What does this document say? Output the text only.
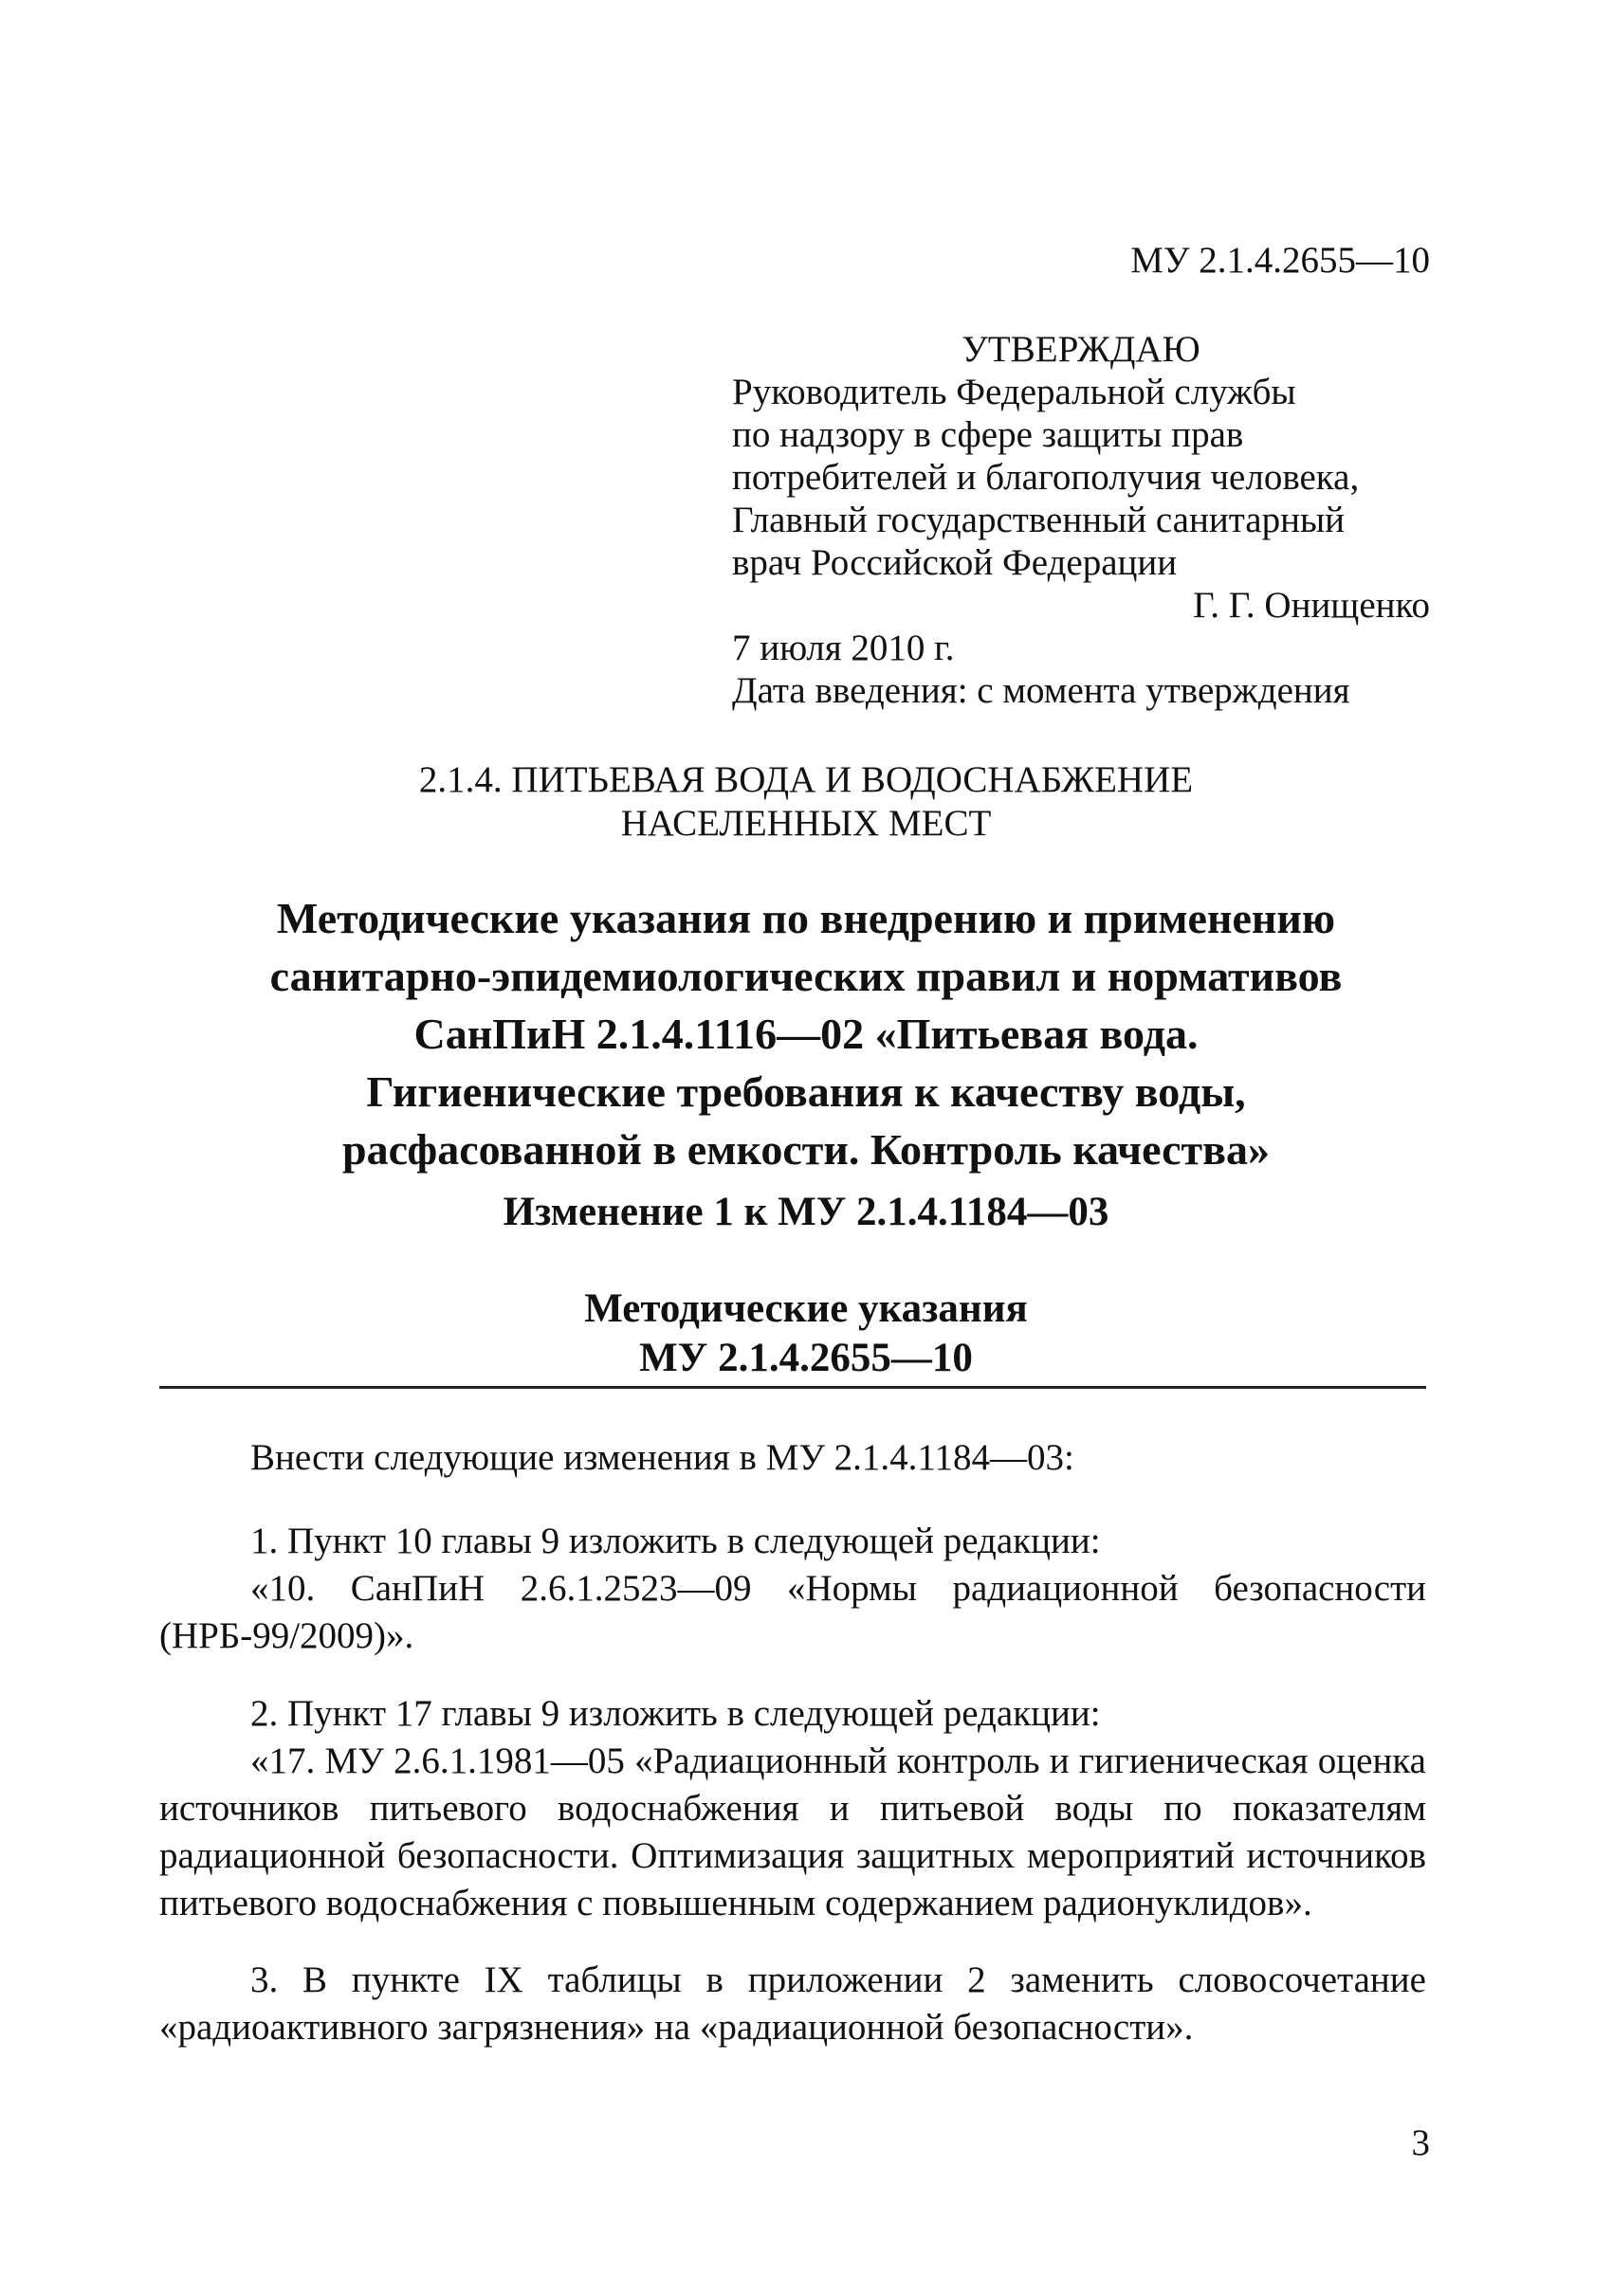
МУ 2.1.4.2655—10
УТВЕРЖДАЮ
Руководитель Федеральной службы
по надзору в сфере защиты прав
потребителей и благополучия человека,
Главный государственный санитарный
врач Российской Федерации
Г. Г. Онищенко
7 июля 2010 г.
Дата введения: с момента утверждения
2.1.4. ПИТЬЕВАЯ ВОДА И ВОДОСНАБЖЕНИЕ
НАСЕЛЕННЫХ МЕСТ
Методические указания по внедрению и применению
санитарно-эпидемиологических правил и нормативов
СанПиН 2.1.4.1116—02 «Питьевая вода.
Гигиенические требования к качеству воды,
расфасованной в емкости. Контроль качества»
Изменение 1 к МУ 2.1.4.1184—03
Методические указания
МУ 2.1.4.2655—10

Внести следующие изменения в МУ 2.1.4.1184—03:

1. Пункт 10 главы 9 изложить в следующей редакции:

«10. СанПиН 2.6.1.2523—09 «Нормы радиационной безопасности (НРБ-99/2009)».

2. Пункт 17 главы 9 изложить в следующей редакции:

«17. МУ 2.6.1.1981—05 «Радиационный контроль и гигиеническая оценка источников питьевого водоснабжения и питьевой воды по показателям радиационной безопасности. Оптимизация защитных мероприятий источников питьевого водоснабжения с повышенным содержанием радионуклидов».

3. В пункте IX таблицы в приложении 2 заменить словосочетание «радиоактивного загрязнения» на «радиационной безопасности».

3
